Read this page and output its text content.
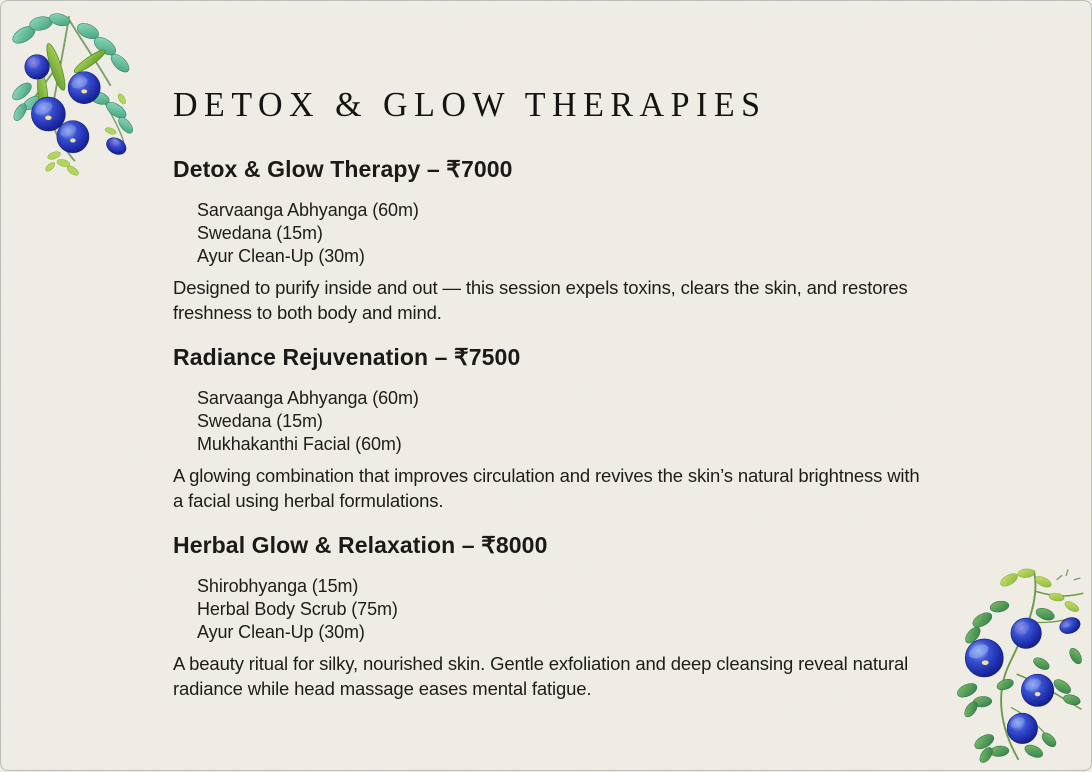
DETOX & GLOW THERAPIES
Detox & Glow Therapy – ₹7000
Sarvaanga Abhyanga (60m)
Swedana (15m)
Ayur Clean-Up (30m)

Designed to purify inside and out — this session expels toxins, clears the skin, and restores freshness to both body and mind.

Radiance Rejuvenation – ₹7500
Sarvaanga Abhyanga (60m)
Swedana (15m)
Mukhakanthi Facial (60m)

A glowing combination that improves circulation and revives the skin’s natural brightness with a facial using herbal formulations.

Herbal Glow & Relaxation – ₹8000
Shirobhyanga (15m)
Herbal Body Scrub (75m)
Ayur Clean-Up (30m)

A beauty ritual for silky, nourished skin. Gentle exfoliation and deep cleansing reveal natural radiance while head massage eases mental fatigue.
